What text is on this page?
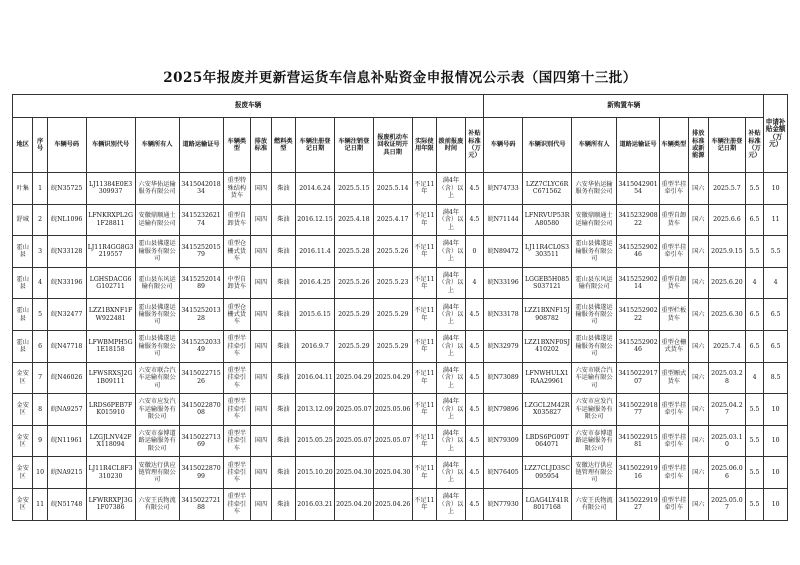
2025年报废并更新营运货车信息补贴资金申报情况公示表（国四第十三批）
报废车辆															新购置车辆								申请补贴金额（万元）
地区	序号	车辆号码	车辆识别代号	车辆所有人	道路运输证号	车辆类型	排放标准	燃料类型	车辆注册登记日期	车辆注销登记日期	报废机动车回收证明开具日期	实际使用年限	拨前报废时间	补贴标准（万元）	车辆号码	车辆识别代号	车辆所有人	道路运输证号	车辆类型	排放标准或新能源	车辆注册登记日期	补贴标准（万元）	
叶集	1	皖N35725	LJ11384E0E3309937	六安华佑运输服务有限公司	341504201834	重型特殊结构货车	国四	柴油	2014.6.24	2025.5.15	2025.5.14	不足11年	满4年（含）以上	4.5	皖N74733	LZZ7CLYC6RC671562	六安华佑运输服务有限公司	341504290154	重型半挂牵引车	国六	2025.5.7	5.5	10
舒城	2	皖NL1096	LFNKRXPL2G1F28811	安徽鼎顺通土运输有限公司	341523262174	重型自卸货车	国四	柴油	2016.12.15	2025.4.18	2025.4.17	不足11年	满4年（含）以上	4.5	皖N71144	LFNRVUP53RA80580	安徽鼎顺通土运输有限公司	341523290822	重型自卸货车	国六	2025.6.6	6.5	11
霍山县	3	皖N33128	LJ11R4GG8G3219557	霍山县佛遂运输服务有限公司	341525201579	重型仓栅式货车	国四	柴油	2016.11.4	2025.5.28	2025.5.26	不足11年	满4年（含）以上	0	皖N89472	LJ11R4CL0S3303511	霍山县佛遂运输服务有限公司	341525290246	重型半挂牵引车	国六	2025.9.15	5.5	5.5
霍山县	4	皖N33196	LGHSDACG6G102711	霍山县东风运输有限公司	341525201489	中型自卸货车	国四	柴油	2016.4.25	2025.5.26	2025.5.23	不足11年	满4年（含）以上	4	皖N33196	LGGEB5H085S037121	霍山县东风运输有限公司	341525290214	重型自卸货车	国六	2025.6.20	4	4
霍山县	5	皖N32477	LZZ1BXNF1FW922481	霍山县佛遂运输服务有限公司	341525201328	重型仓栅式货车	国四	柴油	2015.6.15	2025.5.29	2025.5.29	不足11年	满4年（含）以上	4.5	皖N33178	LZZ1BXNF15J908782	霍山县佛遂运输服务有限公司	341525290222	重型栏板货车	国六	2025.6.30	6.5	6.5
霍山县	6	皖N47718	LFWBMPH5G1E18158	霍山县佛遂运输服务有限公司	341525203349	重型半挂牵引车	国四	柴油	2016.9.7	2025.5.29	2025.5.29	不足11年	满4年（含）以上	4.5	皖N32979	LZZ1BXNF0SJ410202	霍山县佛遂运输服务有限公司	341525290246	重型仓栅式货车	国六	2025.7.4	6.5	6.5
金安区	7	皖N46026	LFWSRXSJ2G1B09111	六安市联合汽车运输有限公司	341502271526	重型半挂牵引车	国四	柴油	2016.04.11	2025.04.29	2025.04.29	不足11年	满4年（含）以上	4.5	皖N73089	LFNWHULX1RAA29961	六安市联合汽车运输有限公司	341502291707	重型厢式货车	国六	2025.03.28	4	8.5
金安区	8	皖NA9257	LRDS6PEB7FK015910	六安市应发汽车运输服务有限公司	341502287008	重型半挂牵引车	国四	柴油	2013.12.09	2025.05.07	2025.05.06	不足11年	满4年（含）以上	4.5	皖N79896	LZGCL2M42RX035827	六安市应发汽车运输服务有限公司	341502291877	重型半挂牵引车	国六	2025.04.27	5.5	10
金安区	9	皖N11961	LZGJLNV42FX118094	六安市泰博道路运输服务有限公司	341502271369	重型半挂牵引车	国四	柴油	2015.05.25	2025.05.07	2025.05.07	不足11年	满4年（含）以上	4.5	皖N79309	LBDS6PG09T064071	六安市泰博道路运输服务有限公司	341502291581	重型半挂牵引车	国六	2025.03.10	5.5	10
金安区	10	皖NA9215	LJ11R4CL8F3310230	安徽达行供应链管理有限公司	341502287099	重型半挂牵引车	国四	柴油	2015.10.20	2025.04.30	2025.04.30	不足11年	满4年（含）以上	4.5	皖N76405	LZZ7CLJD3SC095954	安徽达行供应链管理有限公司	341502291916	重型半挂牵引车	国六	2025.06.06	5.5	10
金安区	11	皖N51748	LFWRRXPJ3G1F07386	六安王氏物流有限公司	341502272188	重型半挂牵引车	国四	柴油	2016.03.21	2025.04.20	2025.04.26	不足11年	满4年（含）以上	4.5	皖N77930	LGAG4LY41R8017168	六安王氏物流有限公司	341502291927	重型半挂牵引车	国六	2025.05.07	5.5	10
